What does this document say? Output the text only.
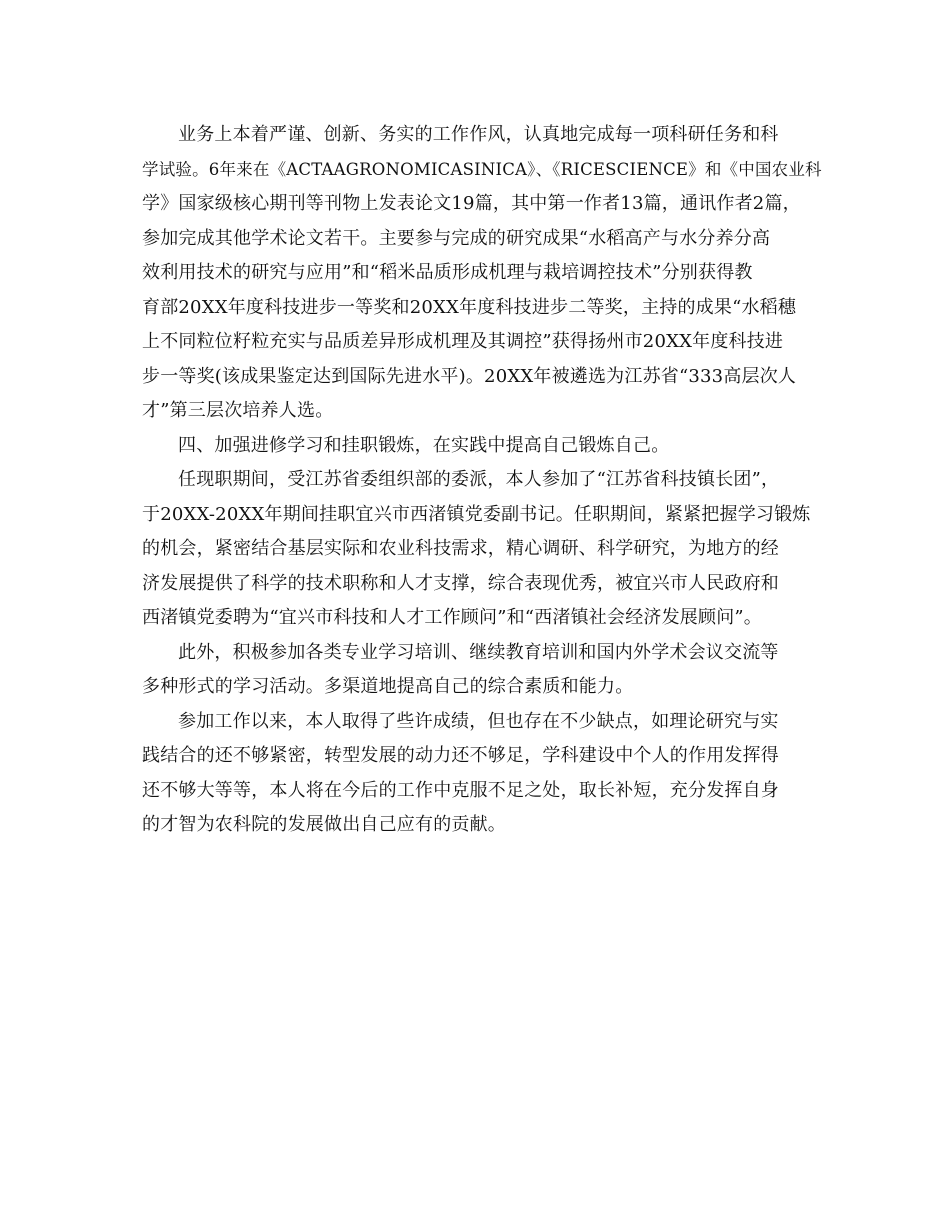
业务上本着严谨、创新、务实的工作作风，认真地完成每一项科研任务和科
学试验。6年来在《ACTAAGRONOMICASINICA》、《RICESCIENCE》和《中国农业科
学》国家级核心期刊等刊物上发表论文19篇，其中第一作者13篇，通讯作者2篇，
参加完成其他学术论文若干。主要参与完成的研究成果“水稻高产与水分养分高
效利用技术的研究与应用”和“稻米品质形成机理与栽培调控技术”分别获得教
育部20XX年度科技进步一等奖和20XX年度科技进步二等奖，主持的成果“水稻穗
上不同粒位籽粒充实与品质差异形成机理及其调控”获得扬州市20XX年度科技进
步一等奖(该成果鉴定达到国际先进水平)。20XX年被遴选为江苏省“333高层次人
才”第三层次培养人选。
四、加强进修学习和挂职锻炼，在实践中提高自己锻炼自己。
任现职期间，受江苏省委组织部的委派，本人参加了“江苏省科技镇长团”，
于20XX-20XX年期间挂职宜兴市西渚镇党委副书记。任职期间，紧紧把握学习锻炼
的机会，紧密结合基层实际和农业科技需求，精心调研、科学研究，为地方的经
济发展提供了科学的技术职称和人才支撑，综合表现优秀，被宜兴市人民政府和
西渚镇党委聘为“宜兴市科技和人才工作顾问”和“西渚镇社会经济发展顾问”。
此外，积极参加各类专业学习培训、继续教育培训和国内外学术会议交流等
多种形式的学习活动。多渠道地提高自己的综合素质和能力。
参加工作以来，本人取得了些许成绩，但也存在不少缺点，如理论研究与实
践结合的还不够紧密，转型发展的动力还不够足，学科建设中个人的作用发挥得
还不够大等等，本人将在今后的工作中克服不足之处，取长补短，充分发挥自身
的才智为农科院的发展做出自己应有的贡献。
